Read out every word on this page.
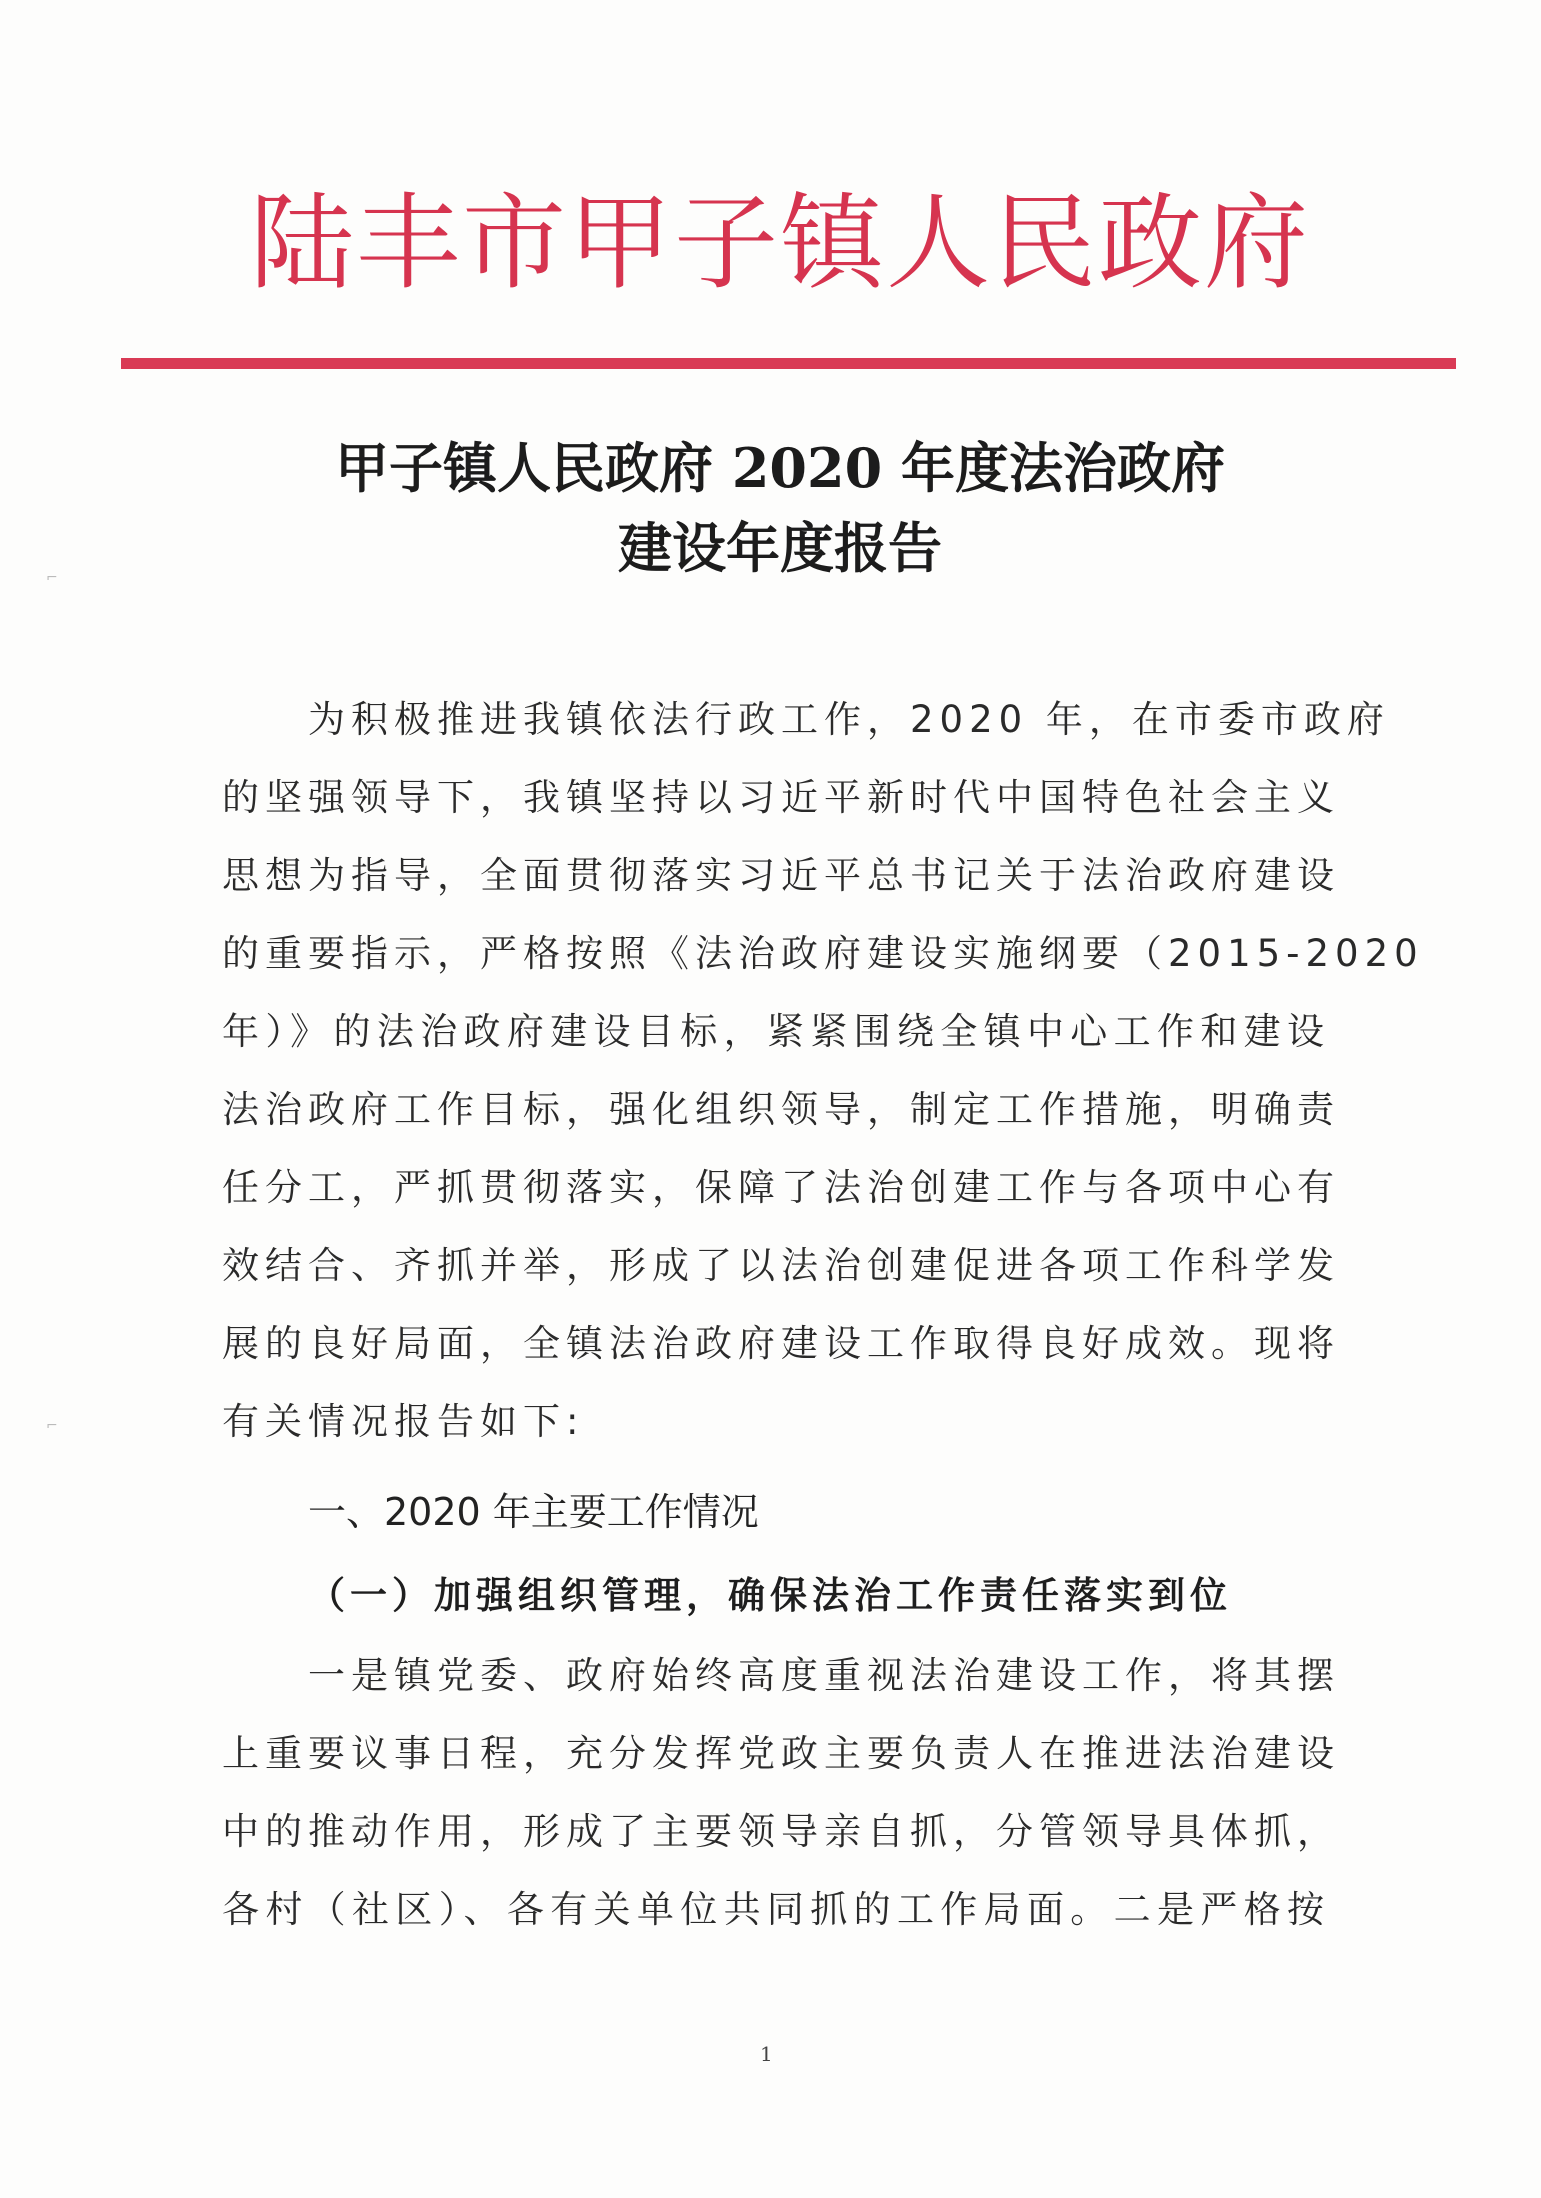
陆丰市甲子镇人民政府
甲子镇人民政府 2020 年度法治政府
建设年度报告
为积极推进我镇依法行政工作，2020 年，在市委市政府
的坚强领导下，我镇坚持以习近平新时代中国特色社会主义
思想为指导，全面贯彻落实习近平总书记关于法治政府建设
的重要指示，严格按照《法治政府建设实施纲要（2015-2020
年）》的法治政府建设目标，紧紧围绕全镇中心工作和建设
法治政府工作目标，强化组织领导，制定工作措施，明确责
任分工，严抓贯彻落实，保障了法治创建工作与各项中心有
效结合、齐抓并举，形成了以法治创建促进各项工作科学发
展的良好局面，全镇法治政府建设工作取得良好成效。现将
有关情况报告如下:
一、2020 年主要工作情况
（一）加强组织管理，确保法治工作责任落实到位
一是镇党委、政府始终高度重视法治建设工作，将其摆
上重要议事日程，充分发挥党政主要负责人在推进法治建设
中的推动作用，形成了主要领导亲自抓，分管领导具体抓，
各村（社区）、各有关单位共同抓的工作局面。二是严格按
1
⌐
⌐
